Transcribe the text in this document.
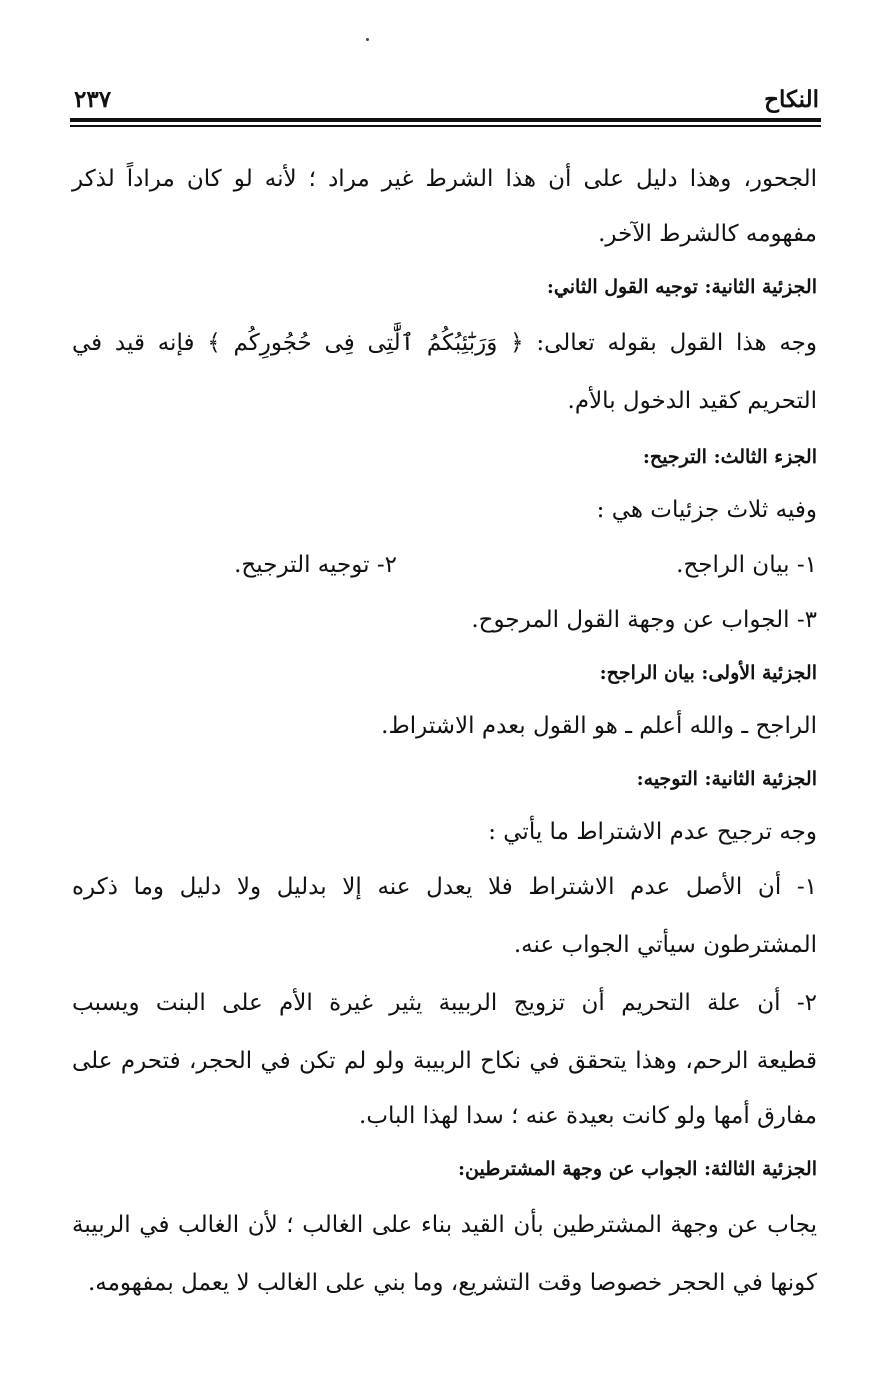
النكاح
٢٣٧
الجحور، وهذا دليل على أن هذا الشرط غير مراد ؛ لأنه لو كان مراداً لذكر
مفهومه كالشرط الآخر.
الجزئية الثانية: توجيه القول الثاني:
وجه هذا القول بقوله تعالى: ﴿ وَرَبَٰٓئِبُكُمُ ٱلَّٰتِى فِى حُجُورِكُم ﴾ فإنه قيد في
التحريم كقيد الدخول بالأم.
الجزء الثالث: الترجيح:
وفيه ثلاث جزئيات هي :
١- بيان الراجح.
٢- توجيه الترجيح.
٣- الجواب عن وجهة القول المرجوح.
الجزئية الأولى: بيان الراجح:
الراجح ـ والله أعلم ـ هو القول بعدم الاشتراط.
الجزئية الثانية: التوجيه:
وجه ترجيح عدم الاشتراط ما يأتي :
١- أن الأصل عدم الاشتراط فلا يعدل عنه إلا بدليل ولا دليل وما ذكره
المشترطون سيأتي الجواب عنه.
٢- أن علة التحريم أن تزويج الربيبة يثير غيرة الأم على البنت ويسبب
قطيعة الرحم، وهذا يتحقق في نكاح الربيبة ولو لم تكن في الحجر، فتحرم على
مفارق أمها ولو كانت بعيدة عنه ؛ سدا لهذا الباب.
الجزئية الثالثة: الجواب عن وجهة المشترطين:
يجاب عن وجهة المشترطين بأن القيد بناء على الغالب ؛ لأن الغالب في الربيبة
كونها في الحجر خصوصا وقت التشريع، وما بني على الغالب لا يعمل بمفهومه.
